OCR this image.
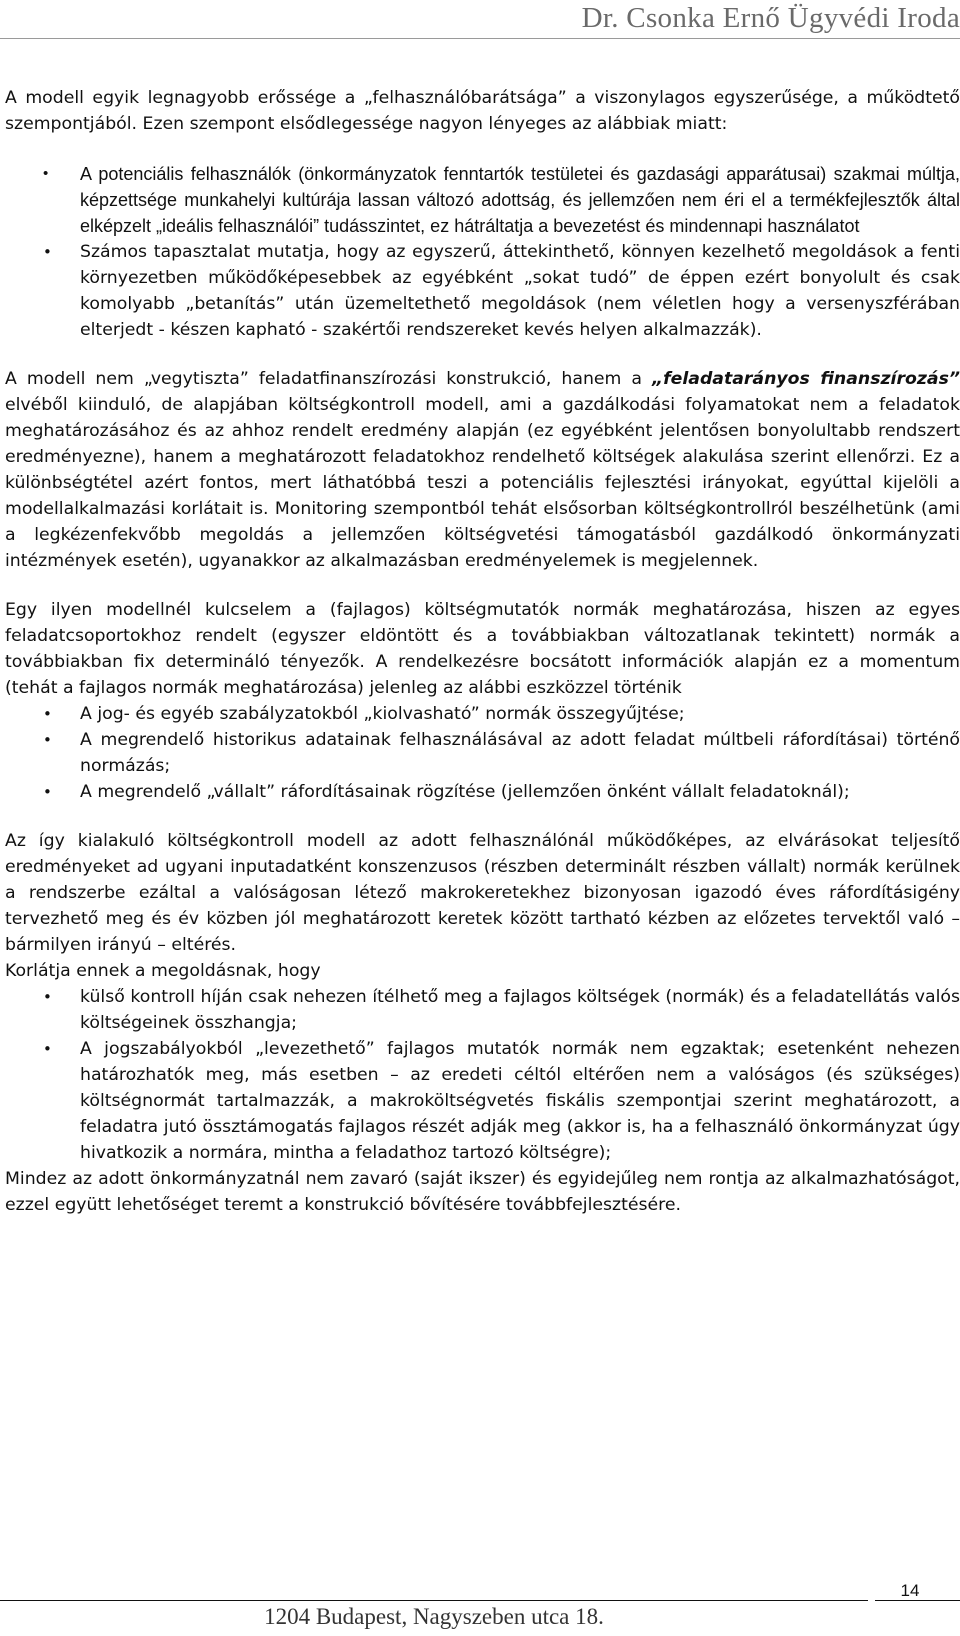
Dr. Csonka Ernő Ügyvédi Iroda

A modell egyik legnagyobb erőssége a „felhasználóbarátsága” a viszonylagos egyszerűsége, a működtető szempontjából. Ezen szempont elsődlegessége nagyon lényeges az alábbiak miatt:

• A potenciális felhasználók (önkormányzatok fenntartók testületei és gazdasági apparátusai) szakmai múltja, képzettsége munkahelyi kultúrája lassan változó adottság, és jellemzően nem éri el a termékfejlesztők által elképzelt „ideális felhasználói” tudásszintet, ez hátráltatja a bevezetést és mindennapi használatot
• Számos tapasztalat mutatja, hogy az egyszerű, áttekinthető, könnyen kezelhető megoldások a fenti környezetben működőképesebbek az egyébként „sokat tudó” de éppen ezért bonyolult és csak komolyabb „betanítás” után üzemeltethető megoldások (nem véletlen hogy a versenyszférában elterjedt - készen kapható - szakértői rendszereket kevés helyen alkalmazzák).

A modell nem „vegytiszta” feladatfinanszírozási konstrukció, hanem a „feladatarányos finanszírozás” elvéből kiinduló, de alapjában költségkontroll modell, ami a gazdálkodási folyamatokat nem a feladatok meghatározásához és az ahhoz rendelt eredmény alapján (ez egyébként jelentősen bonyolultabb rendszert eredményezne), hanem a meghatározott feladatokhoz rendelhető költségek alakulása szerint ellenőrzi. Ez a különbségtétel azért fontos, mert láthatóbbá teszi a potenciális fejlesztési irányokat, egyúttal kijelöli a modellalkalmazási korlátait is. Monitoring szempontból tehát elsősorban költségkontrollról beszélhetünk (ami a legkézenfekvőbb megoldás a jellemzően költségvetési támogatásból gazdálkodó önkormányzati intézmények esetén), ugyanakkor az alkalmazásban eredményelemek is megjelennek.

Egy ilyen modellnél kulcselem a (fajlagos) költségmutatók normák meghatározása, hiszen az egyes feladatcsoportokhoz rendelt (egyszer eldöntött és a továbbiakban változatlanak tekintett) normák a továbbiakban fix determináló tényezők. A rendelkezésre bocsátott információk alapján ez a momentum (tehát a fajlagos normák meghatározása) jelenleg az alábbi eszközzel történik

• A jog- és egyéb szabályzatokból „kiolvasható” normák összegyűjtése;
• A megrendelő historikus adatainak felhasználásával az adott feladat múltbeli ráfordításai) történő normázás;
• A megrendelő „vállalt” ráfordításainak rögzítése (jellemzően önként vállalt feladatoknál);

Az így kialakuló költségkontroll modell az adott felhasználónál működőképes, az elvárásokat teljesítő eredményeket ad ugyani inputadatként konszenzusos (részben determinált részben vállalt) normák kerülnek a rendszerbe ezáltal a valóságosan létező makrokeretekhez bizonyosan igazodó éves ráfordításigény tervezhető meg és év közben jól meghatározott keretek között tartható kézben az előzetes tervektől való –bármilyen irányú – eltérés.

Korlátja ennek a megoldásnak, hogy

• külső kontroll híján csak nehezen ítélhető meg a fajlagos költségek (normák) és a feladatellátás valós költségeinek összhangja;
• A jogszabályokból „levezethető” fajlagos mutatók normák nem egzaktak; esetenként nehezen határozhatók meg, más esetben – az eredeti céltól eltérően nem a valóságos (és szükséges) költségnormát tartalmazzák, a makroköltségvetés fiskális szempontjai szerint meghatározott, a feladatra jutó össztámogatás fajlagos részét adják meg (akkor is, ha a felhasználó önkormányzat úgy hivatkozik a normára, mintha a feladathoz tartozó költségre);

Mindez az adott önkormányzatnál nem zavaró (saját ikszer) és egyidejűleg nem rontja az alkalmazhatóságot, ezzel együtt lehetőséget teremt a konstrukció bővítésére továbbfejlesztésére.

1204 Budapest, Nagyszeben utca 18.
14
